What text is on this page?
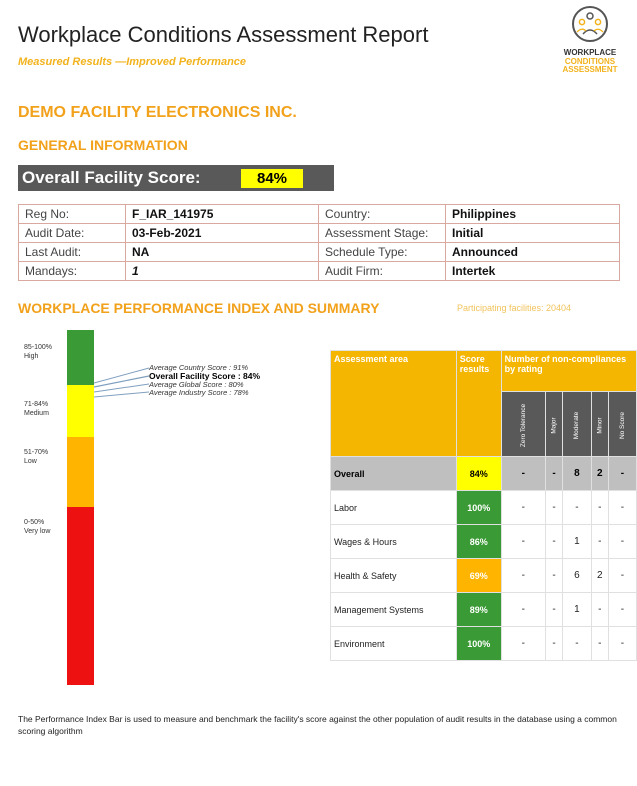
Workplace Conditions Assessment Report
Measured Results —Improved Performance
WORKPLACE
CONDITIONS
ASSESSMENT
DEMO FACILITY ELECTRONICS INC.
GENERAL INFORMATION
Overall Facility Score:	84%
Reg No:	F_IAR_141975	Country:	Philippines
Audit Date:	03-Feb-2021	Assessment Stage:	Initial
Last Audit:	NA	Schedule Type:	Announced
Mandays:	1	Audit Firm:	Intertek
WORKPLACE PERFORMANCE INDEX AND SUMMARY	Participating facilities: 20404
85-100%
High
71-84%
Medium
51-70%
Low
0-50%
Very low
Average Country Score : 91%
Overall Facility Score : 84%
Average Global Score : 80%
Average Industry Score : 78%
Assessment area	Score results	Number of non-compliances by rating				
		Zero Tolerance	Major	Moderate	Minor	No Score
Overall	84%	-	-	8	2	-
Labor	100%	-	-	-	-	-
Wages & Hours	86%	-	-	1	-	-
Health & Safety	69%	-	-	6	2	-
Management Systems	89%	-	-	1	-	-
Environment	100%	-	-	-	-	-
The Performance Index Bar is used to measure and benchmark the facility's score against the other population of audit results in the database using a common scoring algorithm
